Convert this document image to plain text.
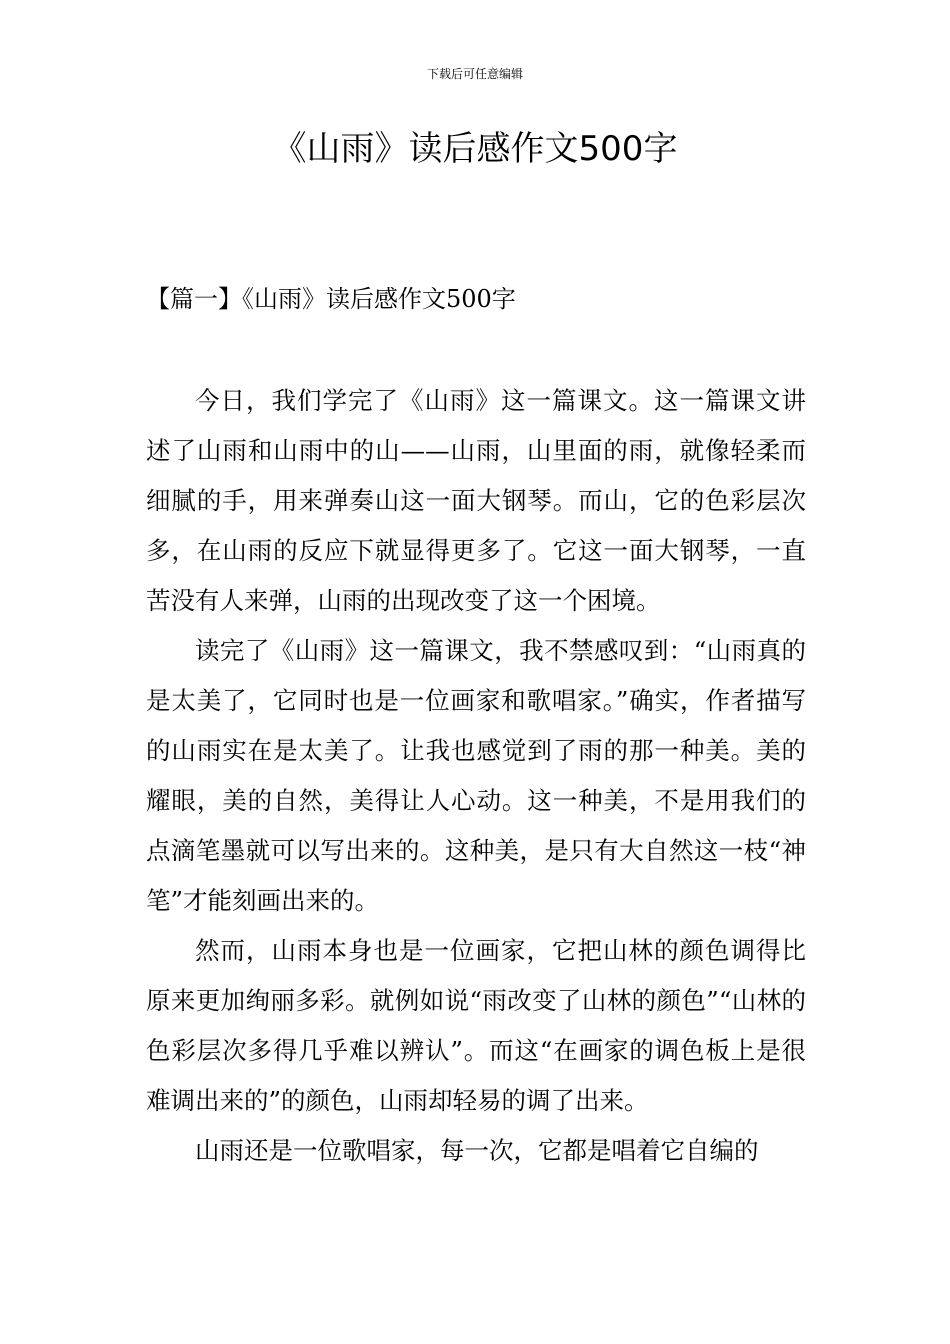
下载后可任意编辑
《山雨》读后感作文500字
【篇一】《山雨》读后感作文500字

今日，我们学完了《山雨》这一篇课文。这一篇课文讲述了山雨和山雨中的山——山雨，山里面的雨，就像轻柔而细腻的手，用来弹奏山这一面大钢琴。而山，它的色彩层次多，在山雨的反应下就显得更多了。它这一面大钢琴，一直苦没有人来弹，山雨的出现改变了这一个困境。

读完了《山雨》这一篇课文，我不禁感叹到：“山雨真的是太美了，它同时也是一位画家和歌唱家。”确实，作者描写的山雨实在是太美了。让我也感觉到了雨的那一种美。美的耀眼，美的自然，美得让人心动。这一种美，不是用我们的点滴笔墨就可以写出来的。这种美，是只有大自然这一枝“神笔”才能刻画出来的。

然而，山雨本身也是一位画家，它把山林的颜色调得比原来更加绚丽多彩。就例如说“雨改变了山林的颜色”“山林的色彩层次多得几乎难以辨认”。而这“在画家的调色板上是很难调出来的”的颜色，山雨却轻易的调了出来。

山雨还是一位歌唱家，每一次，它都是唱着它自编的
